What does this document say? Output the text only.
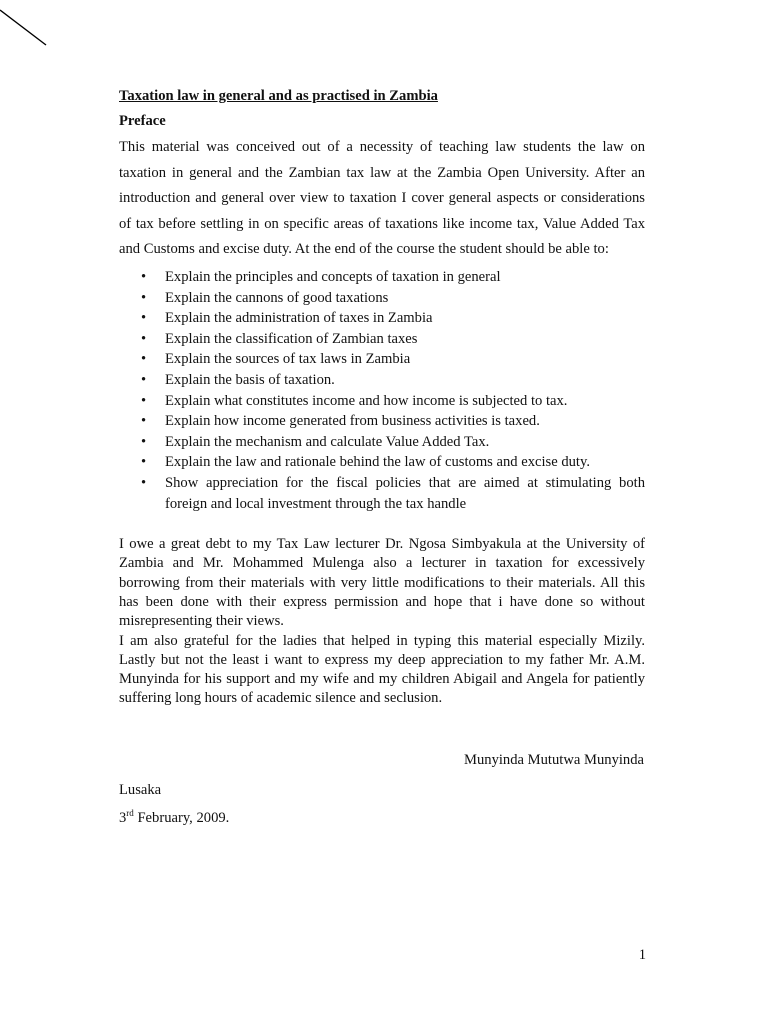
Taxation law in general and as practised in Zambia

Preface

This material was conceived out of a necessity of teaching law students the law on taxation in general and the Zambian tax law at the Zambia Open University. After an introduction and general over view to taxation I cover general aspects or considerations of tax before settling in on specific areas of taxations like income tax, Value Added Tax and Customs and excise duty. At the end of the course the student should be able to:

• Explain the principles and concepts of taxation in general
• Explain the cannons of good taxations
• Explain the administration of taxes in Zambia
• Explain the classification of Zambian taxes
• Explain the sources of tax laws in Zambia
• Explain the basis of taxation.
• Explain what constitutes income and how income is subjected to tax.
• Explain how income generated from business activities is taxed.
• Explain the mechanism and calculate Value Added Tax.
• Explain the law and rationale behind the law of customs and excise duty.
• Show appreciation for the fiscal policies that are aimed at stimulating both foreign and local investment through the tax handle

I owe a great debt to my Tax Law lecturer Dr. Ngosa Simbyakula at the University of Zambia and Mr. Mohammed Mulenga also a lecturer in taxation for excessively borrowing from their materials with very little modifications to their materials. All this has been done with their express permission and hope that i have done so without misrepresenting their views.

I am also grateful for the ladies that helped in typing this material especially Mizily. Lastly but not the least i want to express my deep appreciation to my father Mr. A.M. Munyinda for his support and my wife and my children Abigail and Angela for patiently suffering long hours of academic silence and seclusion.

Munyinda Mututwa Munyinda

Lusaka

3rd February, 2009.

1
